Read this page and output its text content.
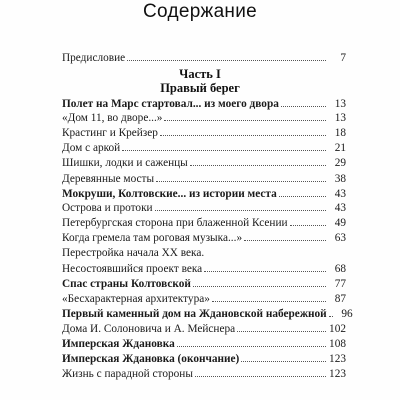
Содержание
Часть I
Правый берег
Предисловие	7
Полет на Марс стартовал... из моего двора	13
«Дом 11, во дворе...»	13
Крастинг и Крейзер	18
Дом с аркой	21
Шишки, лодки и саженцы	29
Деревянные мосты	38
Мокруши, Колтовские... из истории места	43
Острова и протоки	43
Петербургская сторона при блаженной Ксении	49
Когда гремела там роговая музыка...»	63
Перестройка начала XX века.
Несостоявшийся проект века	68
Спас страны Колтовской	77
«Бесхарактерная архитектура»	87
Первый каменный дом на Ждановской набережной	96
Дома И. Солоновича и А. Мейснера	102
Имперская Ждановка	108
Имперская Ждановка (окончание)	123
Жизнь с парадной стороны	123
